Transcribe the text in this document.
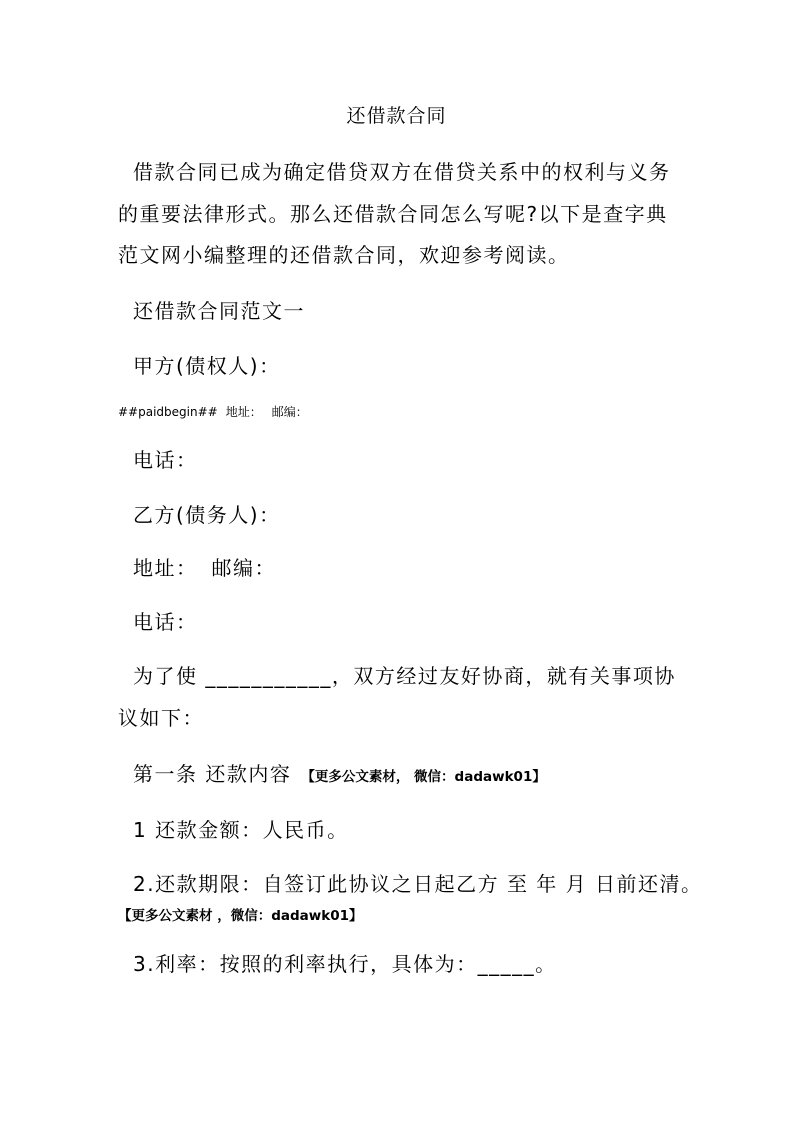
还借款合同
借款合同已成为确定借贷双方在借贷关系中的权利与义务
的重要法律形式。那么还借款合同怎么写呢?以下是查字典
范文网小编整理的还借款合同，欢迎参考阅读。
还借款合同范文一
甲方(债权人)：
##paidbegin## 地址： 邮编：
电话：
乙方(债务人)：
地址： 邮编：
电话：
为了使 ___________，双方经过友好协商，就有关事项协
议如下：
第一条 还款内容 【更多公文素材， 微信：dadawk01】
1 还款金额：人民币。
2.还款期限：自签订此协议之日起乙方 至 年 月 日前还清。
【更多公文素材 ，微信：dadawk01】
3.利率：按照的利率执行，具体为：_____。
